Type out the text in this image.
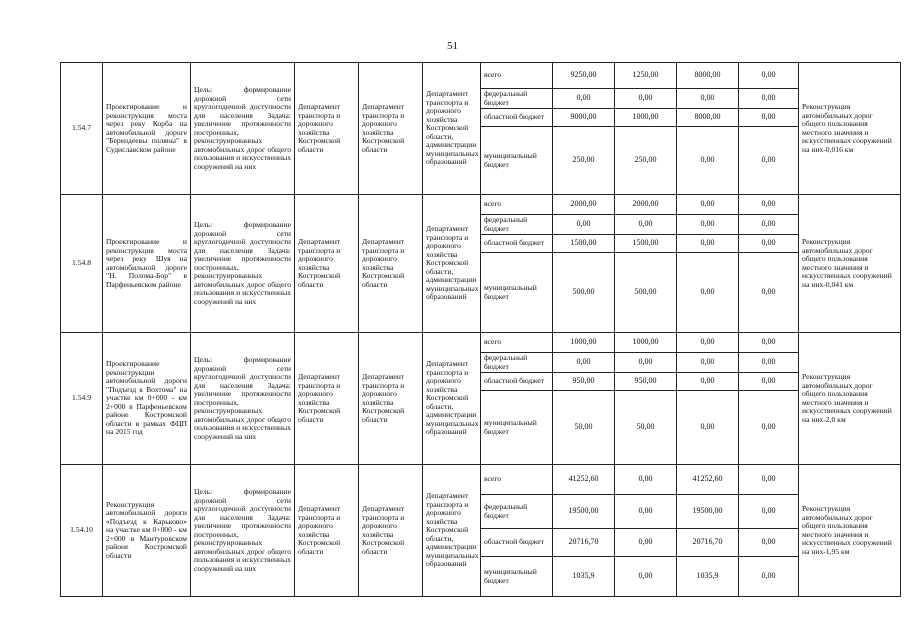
51
1.54.7	Проектирование и реконструкция моста через реку Корба на автомобильной дороге "Берендеевы поляны" в Судиславском районе	Цель: формирование дорожной сети круглогодичной доступности для населения Задача: увеличение протяженности построенных, реконструированных автомобильных дорог общего пользования и искусственных сооружений на них	Департамент транспорта и дорожного хозяйства Костромской области	Департамент транспорта и дорожного хозяйства Костромской области	Департамент транспорта и дорожного хозяйства Костромской области, администрации муниципальных образований	всего	9250,00	1250,00	8000,00	0,00	Реконструкция автомобильных дорог общего пользования местного значения и искусственных сооружений на них-0,016 км
						федеральный бюджет	0,00	0,00	0,00	0,00	
						областной бюджет	9000,00	1000,00	8000,00	0,00	
						муниципальный бюджет	250,00	250,00	0,00	0,00	
1.54.8	Проектирование и реконструкция моста через реку Шуя на автомобильной дороге "Н. Полома-Бор" в Парфеньевском районе	Цель: формирование дорожной сети круглогодичной доступности для населения Задача: увеличение протяженности построенных, реконструированных автомобильных дорог общего пользования и искусственных сооружений на них	Департамент транспорта и дорожного хозяйства Костромской области	Департамент транспорта и дорожного хозяйства Костромской области	Департамент транспорта и дорожного хозяйства Костромской области, администрации муниципальных образований	всего	2000,00	2000,00	0,00	0,00	Реконструкция автомобильных дорог общего пользования местного значения и искусственных сооружений на них-0,041 км
						федеральный бюджет	0,00	0,00	0,00	0,00	
						областной бюджет	1500,00	1500,00	0,00	0,00	
						муниципальный бюджет	500,00	500,00	0,00	0,00	
1.54.9	Проектирование реконструкции автомобильной дороги "Подъезд к Вохтома" на участке км 0+000 - км 2+000 в Парфеньевском районе Костромской области в рамках ФЦП на 2015 год	Цель: формирование дорожной сети круглогодичной доступности для населения Задача: увеличение протяженности построенных, реконструированных автомобильных дорог общего пользования и искусственных сооружений на них	Департамент транспорта и дорожного хозяйства Костромской области	Департамент транспорта и дорожного хозяйства Костромской области	Департамент транспорта и дорожного хозяйства Костромской области, администрации муниципальных образований	всего	1000,00	1000,00	0,00	0,00	Реконструкция автомобильных дорог общего пользования местного значения и искусственных сооружений на них-2,0 км
						федеральный бюджет	0,00	0,00	0,00	0,00	
						областной бюджет	950,00	950,00	0,00	0,00	
						муниципальный бюджет	50,00	50,00	0,00	0,00	
1.54.10	Реконструкция автомобильной дороги «Подъезд к Карьково» на участке км 0+000 - км 2+000 в Мантуровском районе Костромской области	Цель: формирование дорожной сети круглогодичной доступности для населения Задача: увеличение протяженности построенных, реконструированных автомобильных дорог общего пользования и искусственных сооружений на них	Департамент транспорта и дорожного хозяйства Костромской области	Департамент транспорта и дорожного хозяйства Костромской области	Департамент транспорта и дорожного хозяйства Костромской области, администрации муниципальных образований	всего	41252,60	0,00	41252,60	0,00	Реконструкция автомобильных дорог общего пользования местного значения и искусственных сооружений на них-1,95 км
						федеральный бюджет	19500,00	0,00	19500,00	0,00	
						областной бюджет	20716,70	0,00	20716,70	0,00	
						муниципальный бюджет	1035,9	0,00	1035,9	0,00	
